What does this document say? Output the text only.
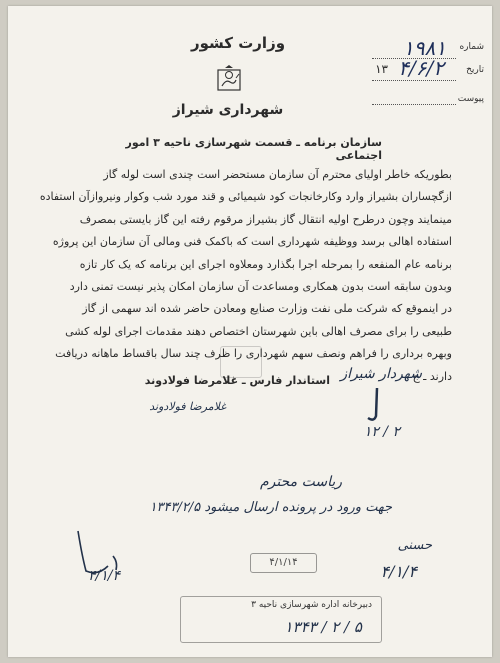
وزارت کشور
شهرداری شیراز
شماره
۱۹۸۱
تاریخ
۱۳ ۴/۶/۲
پیوست
سازمان برنامه ـ قسمت شهرسازی ناحیه ۳ امور اجتماعی
بطوریکه خاطر اولیای محترم آن سازمان مستحضر است چندی است لوله گاز
ازگچساران بشیراز وارد وکارخانجات کود شیمیائی و قند مورد شب وکوار ونیروازآن استفاده
مینمایند وچون درطرح اولیه انتقال گاز بشیراز مرقوم رفته این گاز بایستی بمصرف
استفاده اهالی برسد ووظیفه شهرداری است که باکمک فنی ومالی آن سازمان این پروژه
برنامه عام المنفعه را بمرحله اجرا بگذارد ومعلاوه اجرای این برنامه که یک کار تازه
وبدون سابقه است بدون همکاری ومساعدت آن سازمان امکان پذیر نیست تمنی دارد
در اینموقع که شرکت ملی نفت وزارت صنایع ومعادن حاضر شده اند سهمی از گاز
طبیعی را برای مصرف اهالی باین شهرستان اختصاص دهند مقدمات اجرای لوله کشی
وبهره برداری را فراهم ونصف سهم شهرداری را ظرف چند سال باقساط ماهانه دریافت
دارند ـ ج
استاندار فارس ـ غلامرضا فولادوند
غلامرضا فولادوند
شهردار شیراز
۱۲ / ۲
ریاست محترم
جهت ورود در پرونده ارسال میشود ۱۳۴۳/۲/۵
۴/۱/۴
۴/۱/۱۴
حسنی
۴/۱/۴
دبیرخانه اداره شهرسازی ناحیه ۳
۱۳۴۳ / ۲ / ۵
